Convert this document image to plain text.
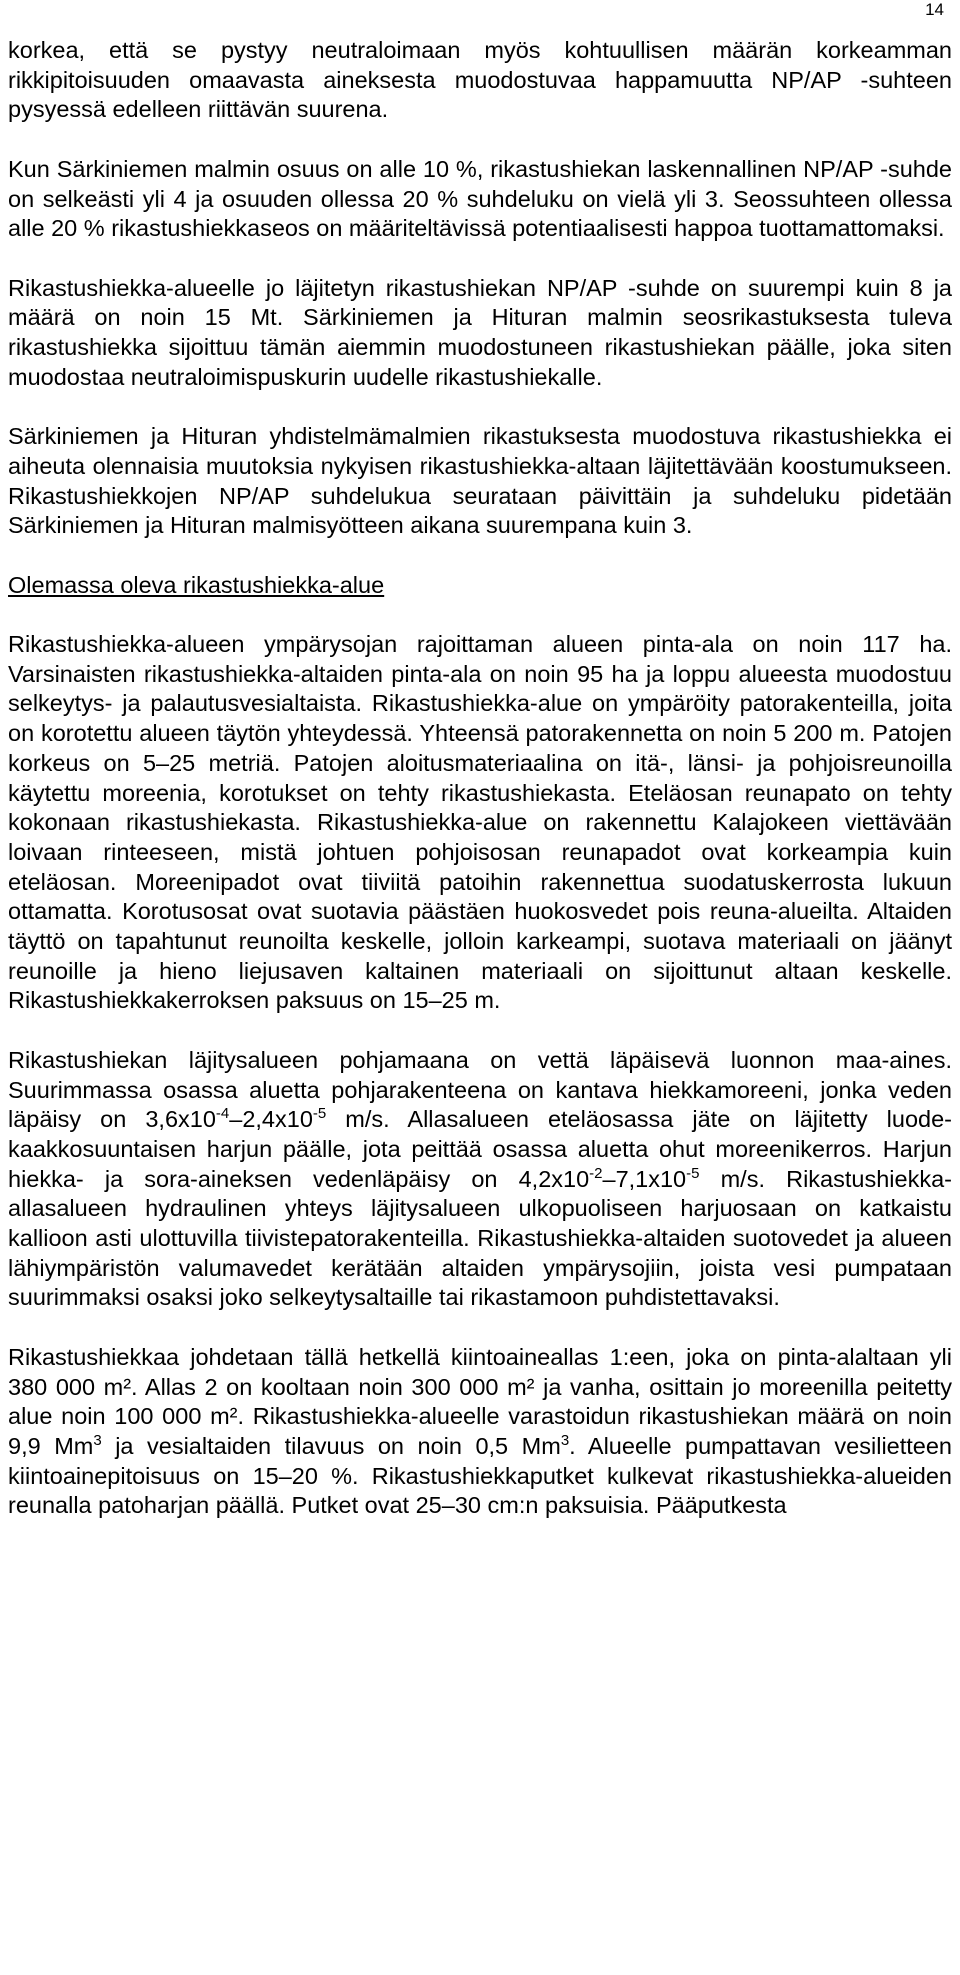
14

korkea, että se pystyy neutraloimaan myös kohtuullisen määrän korkeamman rikkipitoisuuden omaavasta aineksesta muodostuvaa happamuutta NP/AP -suhteen pysyessä edelleen riittävän suurena.

Kun Särkiniemen malmin osuus on alle 10 %, rikastushiekan laskennallinen NP/AP -suhde on selkeästi yli 4 ja osuuden ollessa 20 % suhdeluku on vielä yli 3. Seossuhteen ollessa alle 20 % rikastushiekkaseos on määriteltävissä potentiaalisesti happoa tuottamattomaksi.

Rikastushiekka-alueelle jo läjitetyn rikastushiekan NP/AP -suhde on suurempi kuin 8 ja määrä on noin 15 Mt. Särkiniemen ja Hituran malmin seosrikastuksesta tuleva rikastushiekka sijoittuu tämän aiemmin muodostuneen rikastushiekan päälle, joka siten muodostaa neutraloimispuskurin uudelle rikastushiekalle.

Särkiniemen ja Hituran yhdistelmämalmien rikastuksesta muodostuva rikastushiekka ei aiheuta olennaisia muutoksia nykyisen rikastushiekka-altaan läjitettävään koostumukseen. Rikastushiekkojen NP/AP suhdelukua seurataan päivittäin ja suhdeluku pidetään Särkiniemen ja Hituran malmisyötteen aikana suurempana kuin 3.

Olemassa oleva rikastushiekka-alue

Rikastushiekka-alueen ympärysojan rajoittaman alueen pinta-ala on noin 117 ha. Varsinaisten rikastushiekka-altaiden pinta-ala on noin 95 ha ja loppu alueesta muodostuu selkeytys- ja palautusvesialtaista. Rikastushiekka-alue on ympäröity patorakenteilla, joita on korotettu alueen täytön yhteydessä. Yhteensä patorakennetta on noin 5 200 m. Patojen korkeus on 5–25 metriä. Patojen aloitusmateriaalina on itä-, länsi- ja pohjoisreunoilla käytettu moreenia, korotukset on tehty rikastushiekasta. Eteläosan reunapato on tehty kokonaan rikastushiekasta. Rikastushiekka-alue on rakennettu Kalajokeen viettävään loivaan rinteeseen, mistä johtuen pohjoisosan reunapadot ovat korkeampia kuin eteläosan. Moreenipadot ovat tiiviitä patoihin rakennettua suodatuskerrosta lukuun ottamatta. Korotusosat ovat suotavia päästäen huokosvedet pois reuna-alueilta. Altaiden täyttö on tapahtunut reunoilta keskelle, jolloin karkeampi, suotava materiaali on jäänyt reunoille ja hieno liejusaven kaltainen materiaali on sijoittunut altaan keskelle. Rikastushiekkakerroksen paksuus on 15–25 m.

Rikastushiekan läjitysalueen pohjamaana on vettä läpäisevä luonnon maa-aines. Suurimmassa osassa aluetta pohjarakenteena on kantava hiekkamoreeni, jonka veden läpäisy on $3,6x10^{-4}-2,4x10^{-5}$ m/s. Allasalueen eteläosassa jäte on läjitetty luode-kaakkosuuntaisen harjun päälle, jota peittää osassa aluetta ohut moreenikerros. Harjun hiekka- ja sora-aineksen vedenläpäisy on $4,2x10^{-2}-7,1x10^{-5}$ m/s. Rikastushiekka-allasalueen hydraulinen yhteys läjitysalueen ulkopuoliseen harjuosaan on katkaistu kallioon asti ulottuvilla tiivistepatorakenteilla. Rikastushiekka-altaiden suotovedet ja alueen lähiympäristön valumavedet kerätään altaiden ympärysojiin, joista vesi pumpataan suurimmaksi osaksi joko selkeytysaltaille tai rikastamoon puhdistettavaksi.

Rikastushiekkaa johdetaan tällä hetkellä kiintoaineallas 1:een, joka on pinta-alaltaan yli 380 000 m². Allas 2 on kooltaan noin 300 000 m² ja vanha, osittain jo moreenilla peitetty alue noin 100 000 m². Rikastushiekka-alueelle varastoidun rikastushiekan määrä on noin 9,9 Mm$^3$ ja vesialtaiden tilavuus on noin 0,5 Mm$^3$. Alueelle pumpattavan vesilietteen kiintoainepitoisuus on 15–20 %. Rikastushiekkaputket kulkevat rikastushiekka-alueiden reunalla patoharjan päällä. Putket ovat 25–30 cm:n paksuisia. Pääputkesta
